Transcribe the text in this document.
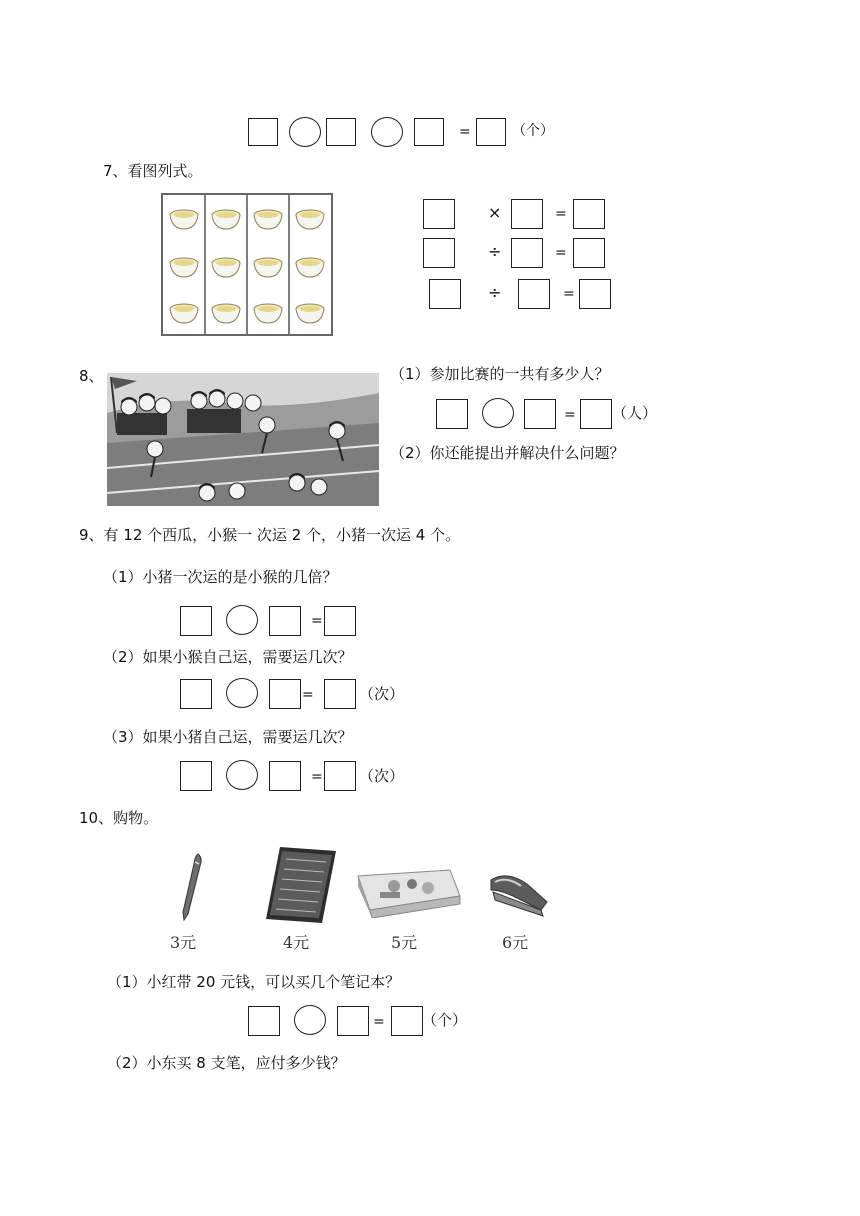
=	（个）
7、看图列式。
×	=
÷	=
÷	=
8、	（1）参加比赛的一共有多少人？
= （人）
（2）你还能提出并解决什么问题？
9、有 12 个西瓜，小猴一 次运 2 个，小猪一次运 4 个。
（1）小猪一次运的是小猴的几倍？
=
（2）如果小猴自己运，需要运几次？
=	（次）
（3）如果小猪自己运，需要运几次？
= （次）
10、购物。
3元	4元	5元	6元
（1）小红带 20 元钱，可以买几个笔记本？
= （个）
（2）小东买 8 支笔，应付多少钱？
